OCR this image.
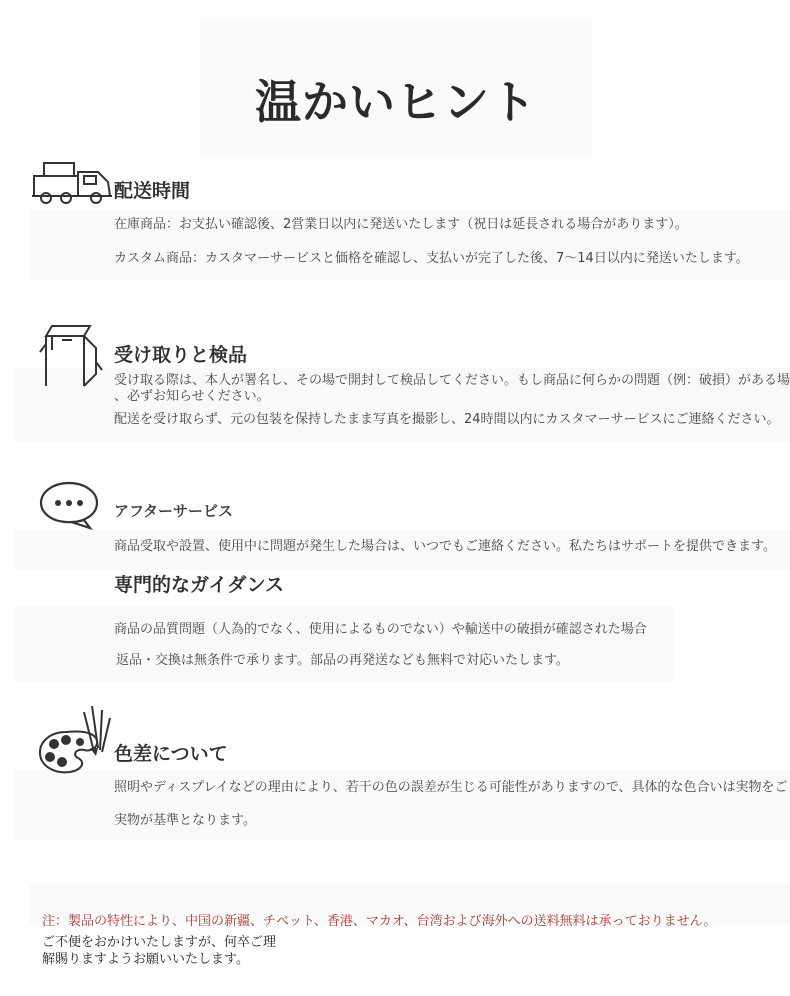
温かいヒント
配送時間

在庫商品：お支払い確認後、2営業日以内に発送いたします（祝日は延長される場合があります）。

カスタム商品：カスタマーサービスと価格を確認し、支払いが完了した後、7〜14日以内に発送いたします。

受け取りと検品

受け取る際は、本人が署名し、その場で開封して検品してください。もし商品に何らかの問題（例：破損）がある場

、必ずお知らせください。

配送を受け取らず、元の包装を保持したまま写真を撮影し、24時間以内にカスタマーサービスにご連絡ください。

アフターサービス

商品受取や設置、使用中に問題が発生した場合は、いつでもご連絡ください。私たちはサポートを提供できます。

専門的なガイダンス

商品の品質問題（人為的でなく、使用によるものでない）や輸送中の破損が確認された場合

返品・交換は無条件で承ります。部品の再発送なども無料で対応いたします。

色差について

照明やディスプレイなどの理由により、若干の色の誤差が生じる可能性がありますので、具体的な色合いは実物をご

実物が基準となります。

注：製品の特性により、中国の新疆、チベット、香港、マカオ、台湾および海外への送料無料は承っておりません。

ご不便をおかけいたしますが、何卒ご理
解賜りますようお願いいたします。
